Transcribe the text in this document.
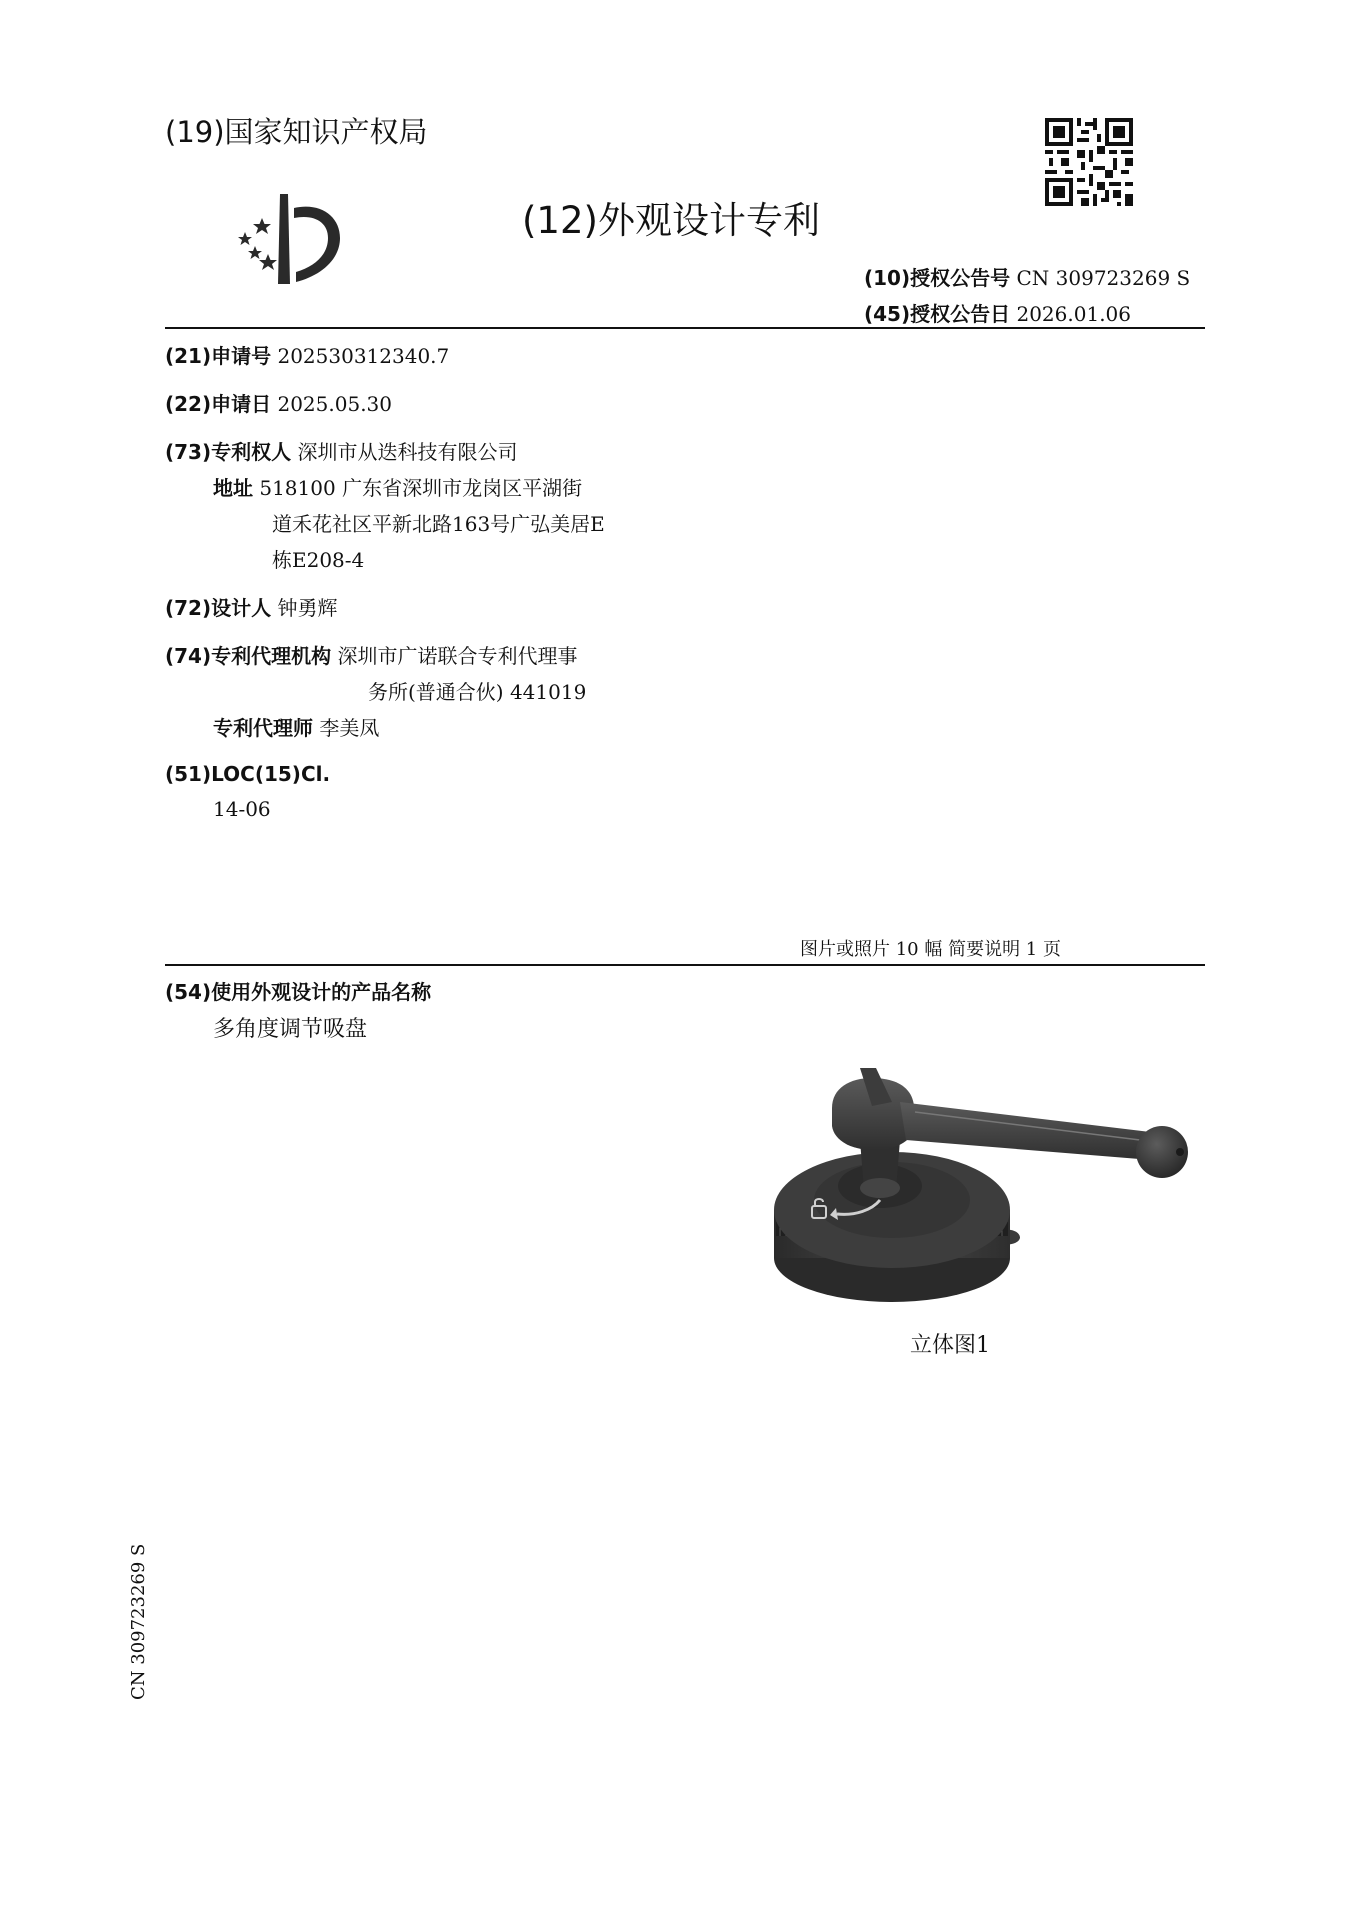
(19)国家知识产权局
(12)外观设计专利
(10)授权公告号 CN 309723269 S
(45)授权公告日 2026.01.06
(21)申请号 202530312340.7
(22)申请日 2025.05.30
(73)专利权人 深圳市从迭科技有限公司
地址 518100 广东省深圳市龙岗区平湖街
道禾花社区平新北路163号广弘美居E
栋E208-4
(72)设计人 钟勇辉
(74)专利代理机构 深圳市广诺联合专利代理事
务所(普通合伙) 441019
专利代理师 李美凤
(51)LOC(15)Cl.
14-06
图片或照片 10 幅 简要说明 1 页
(54)使用外观设计的产品名称
多角度调节吸盘
立体图1
CN 309723269 S
